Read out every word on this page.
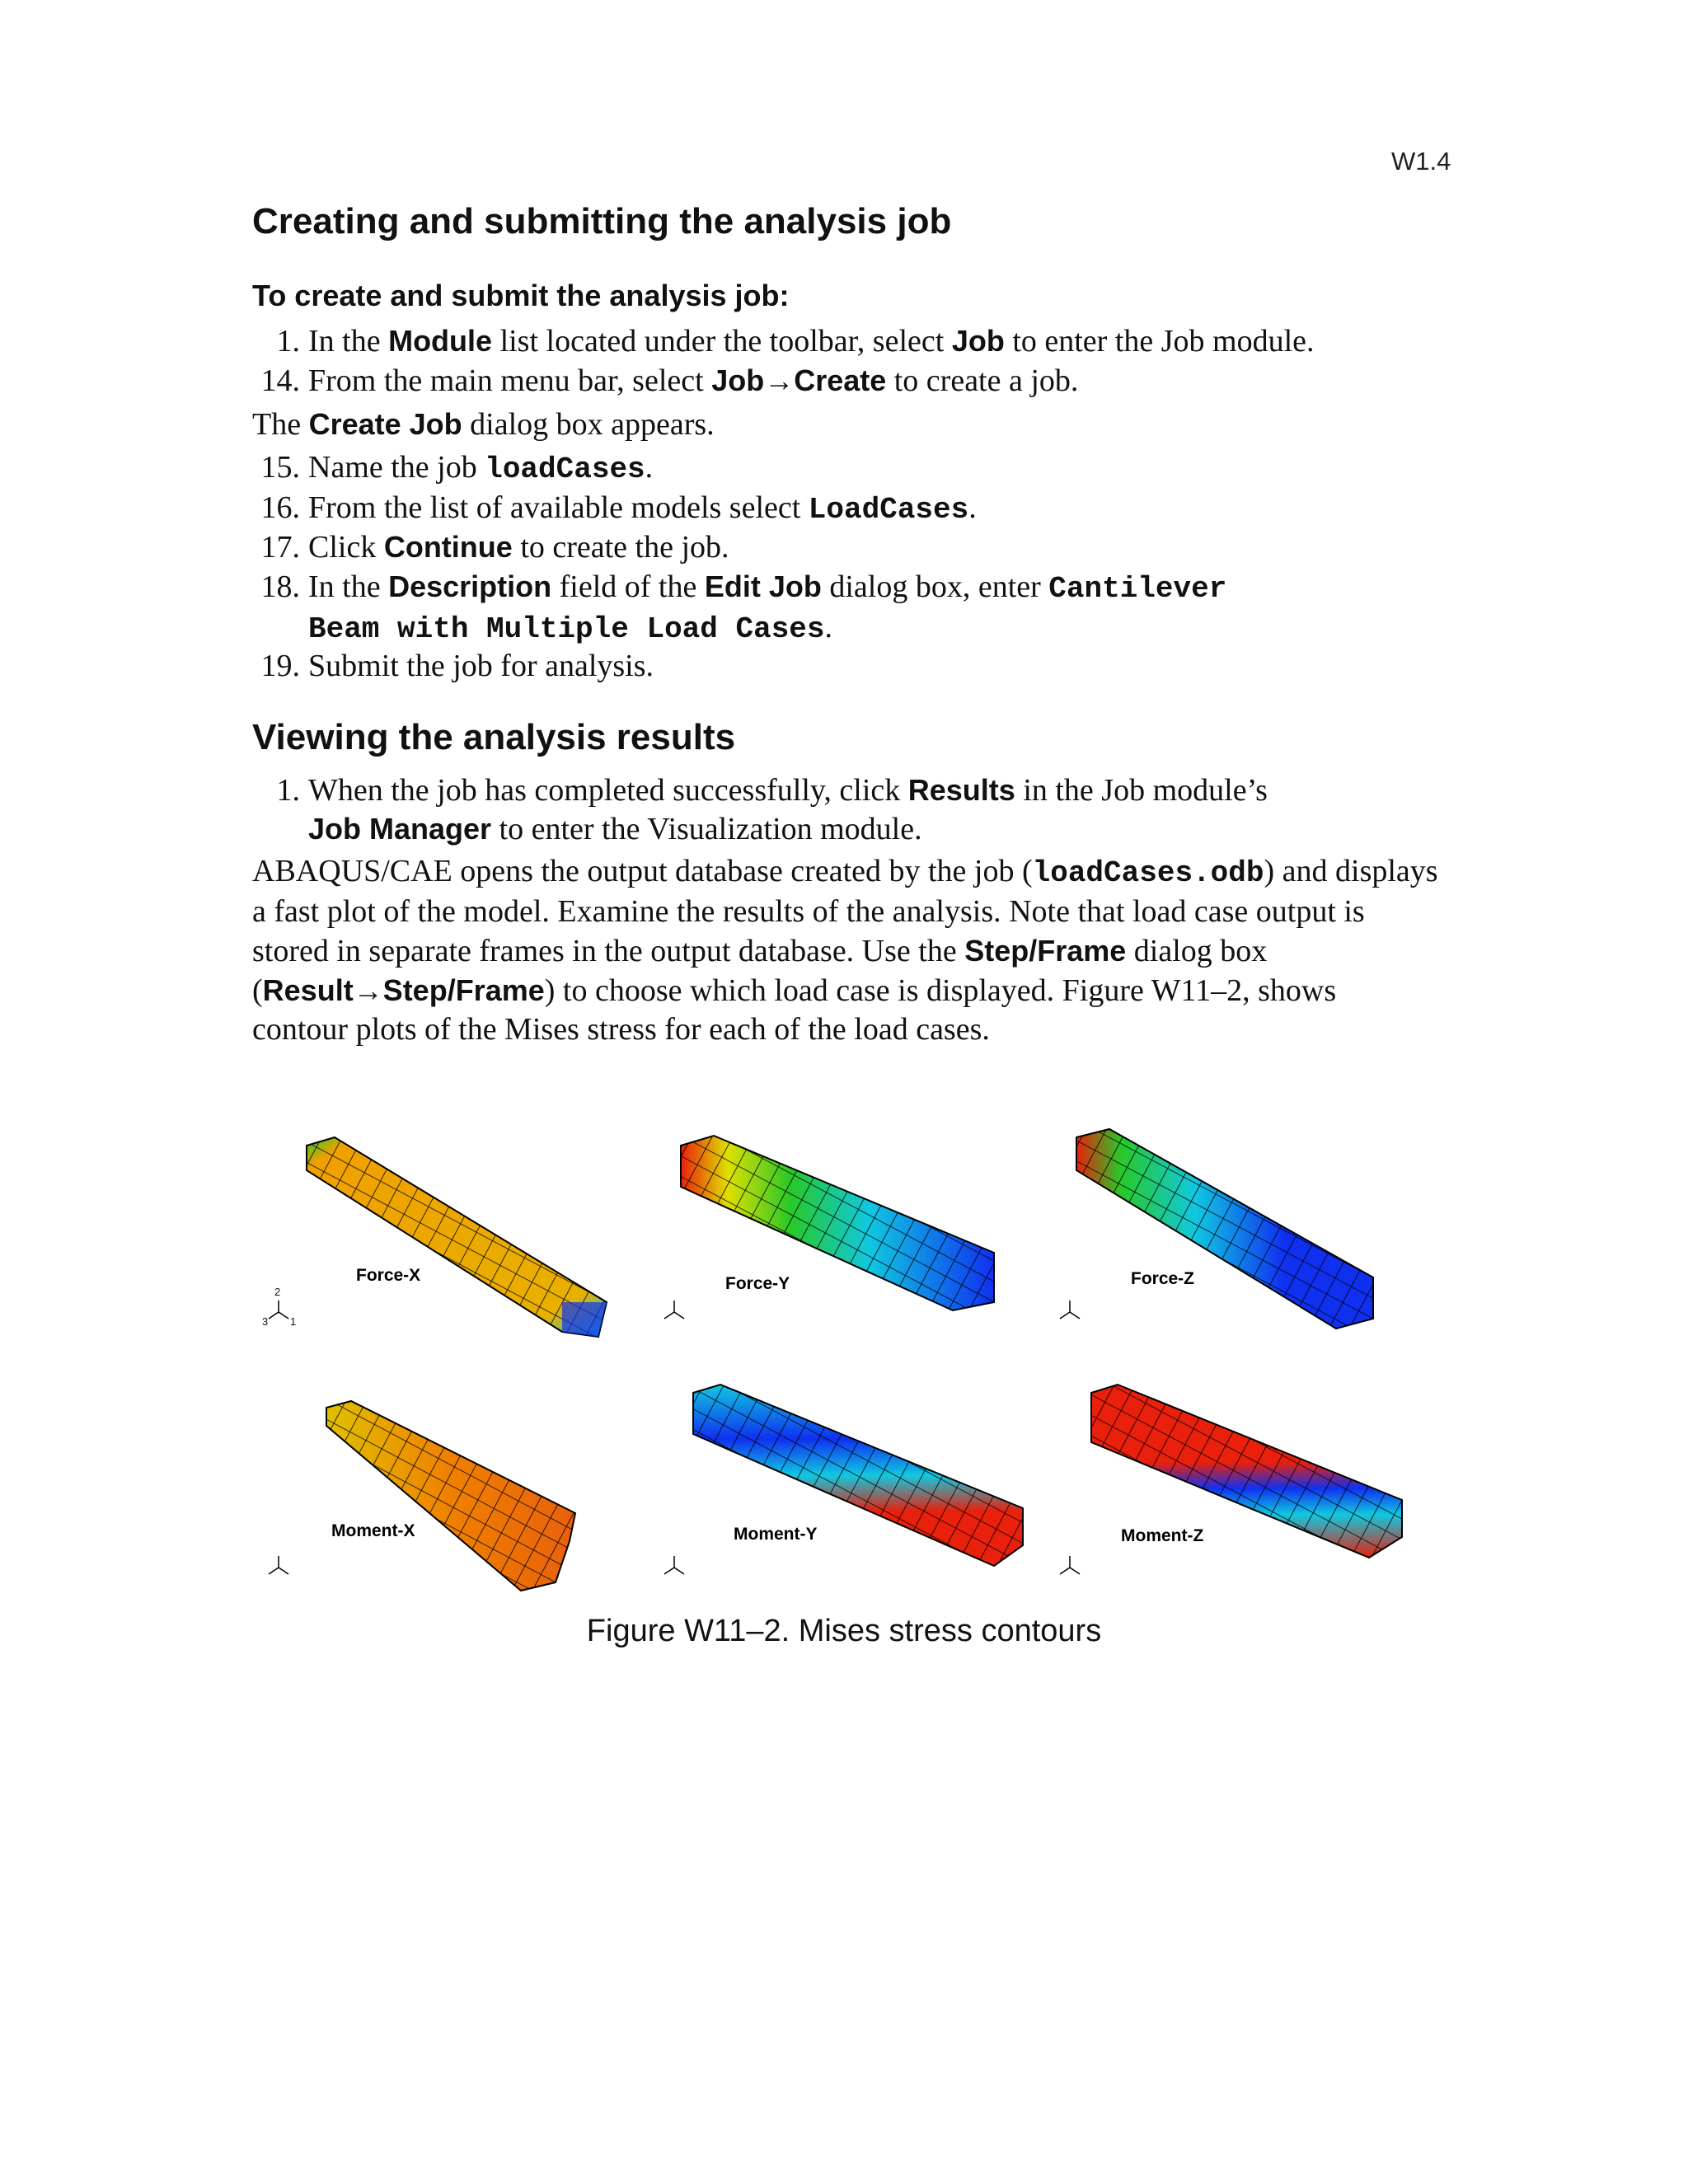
W1.4
Creating and submitting the analysis job
To create and submit the analysis job:
1. In the Module list located under the toolbar, select Job to enter the Job module.
14. From the main menu bar, select Job→Create to create a job.
The Create Job dialog box appears.
15. Name the job loadCases.
16. From the list of available models select LoadCases.
17. Click Continue to create the job.
18. In the Description field of the Edit Job dialog box, enter Cantilever
Beam with Multiple Load Cases.
19. Submit the job for analysis.
Viewing the analysis results
1. When the job has completed successfully, click Results in the Job module’s
Job Manager to enter the Visualization module.
ABAQUS/CAE opens the output database created by the job (loadCases.odb) and displays a fast plot of the model. Examine the results of the analysis. Note that load case output is stored in separate frames in the output database. Use the Step/Frame dialog box (Result→Step/Frame) to choose which load case is displayed. Figure W11–2, shows contour plots of the Mises stress for each of the load cases.
Force-X	Force-Y	Force-Z
Moment-X	Moment-Y	Moment-Z
2
3 1
Figure W11–2. Mises stress contours
